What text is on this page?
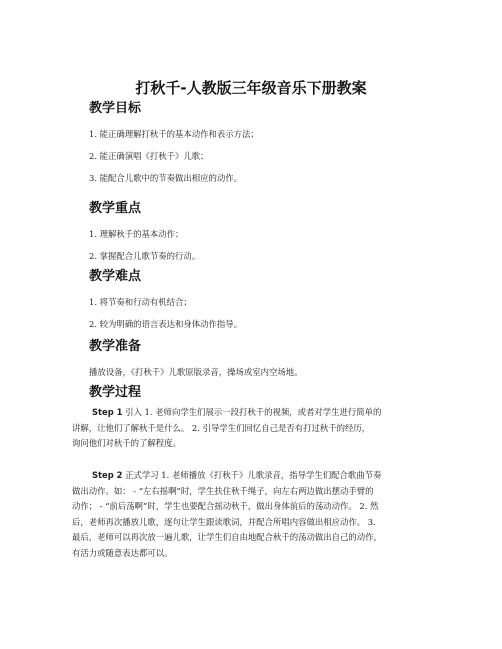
打秋千-人教版三年级音乐下册教案
教学目标
1. 能正确理解打秋千的基本动作和表示方法；
2. 能正确演唱《打秋千》儿歌；
3. 能配合儿歌中的节奏做出相应的动作。
教学重点
1. 理解秋千的基本动作；
2. 掌握配合儿歌节奏的行动。
教学难点
1. 将节奏和行动有机结合；
2. 较为明确的语言表达和身体动作指导。
教学准备
播放设备，《打秋千》儿歌原版录音，操场或室内空场地。
教学过程
Step 1 引入 1. 老师向学生们展示一段打秋千的视频，或者对学生进行简单的
讲解，让他们了解秋千是什么。 2. 引导学生们回忆自己是否有打过秋千的经历，
询问他们对秋千的了解程度。
Step 2 正式学习 1. 老师播放《打秋千》儿歌录音，指导学生们配合歌曲节奏
做出动作。如： - “左右摇啊”时，学生扶住秋千绳子，向左右两边做出摆动手臂的
动作； - “前后荡啊”时，学生也要配合摇动秋千，做出身体前后的荡动动作。 2. 然
后，老师再次播放儿歌，逐句让学生跟读歌词，并配合所唱内容做出相应动作。 3.
最后，老师可以再次放一遍儿歌，让学生们自由地配合秋千的荡动做出自己的动作，
有活力或随意表达都可以。
